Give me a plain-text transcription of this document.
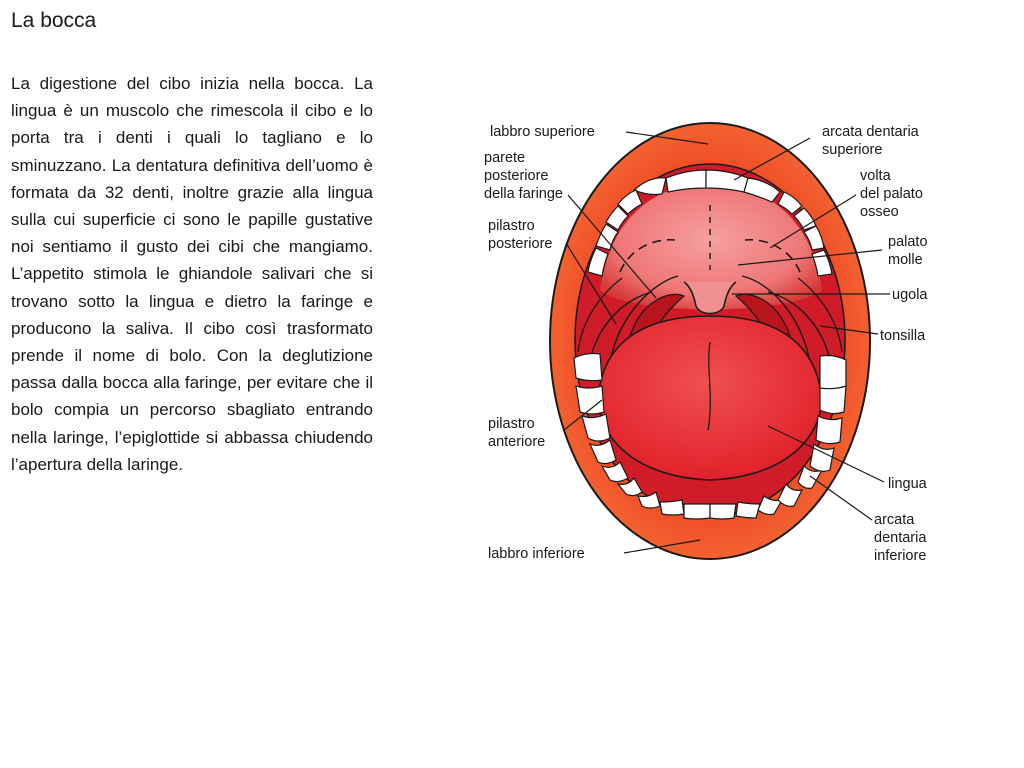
La bocca
La digestione del cibo inizia nella bocca. La lingua è un muscolo che rimescola il cibo e lo porta tra i denti i quali lo tagliano e lo sminuzzano. La dentatura definitiva dell’uomo è formata da 32 denti, inoltre grazie alla lingua sulla cui superficie ci sono le papille gustative noi sentiamo il gusto dei cibi che mangiamo. L’appetito stimola le ghiandole salivari che si trovano sotto la lingua e dietro la faringe e producono la saliva. Il cibo così trasformato prende il nome di bolo. Con la deglutizione passa dalla bocca alla faringe, per evitare che il bolo compia un percorso sbagliato entrando nella laringe, l’epiglottide si abbassa chiudendo l’apertura della laringe.
labbro superiore
parete
posteriore
della faringe
pilastro
posteriore
pilastro
anteriore
labbro inferiore
arcata dentaria
superiore
volta
del palato
osseo
palato
molle
ugola
tonsilla
lingua
arcata
dentaria
inferiore
